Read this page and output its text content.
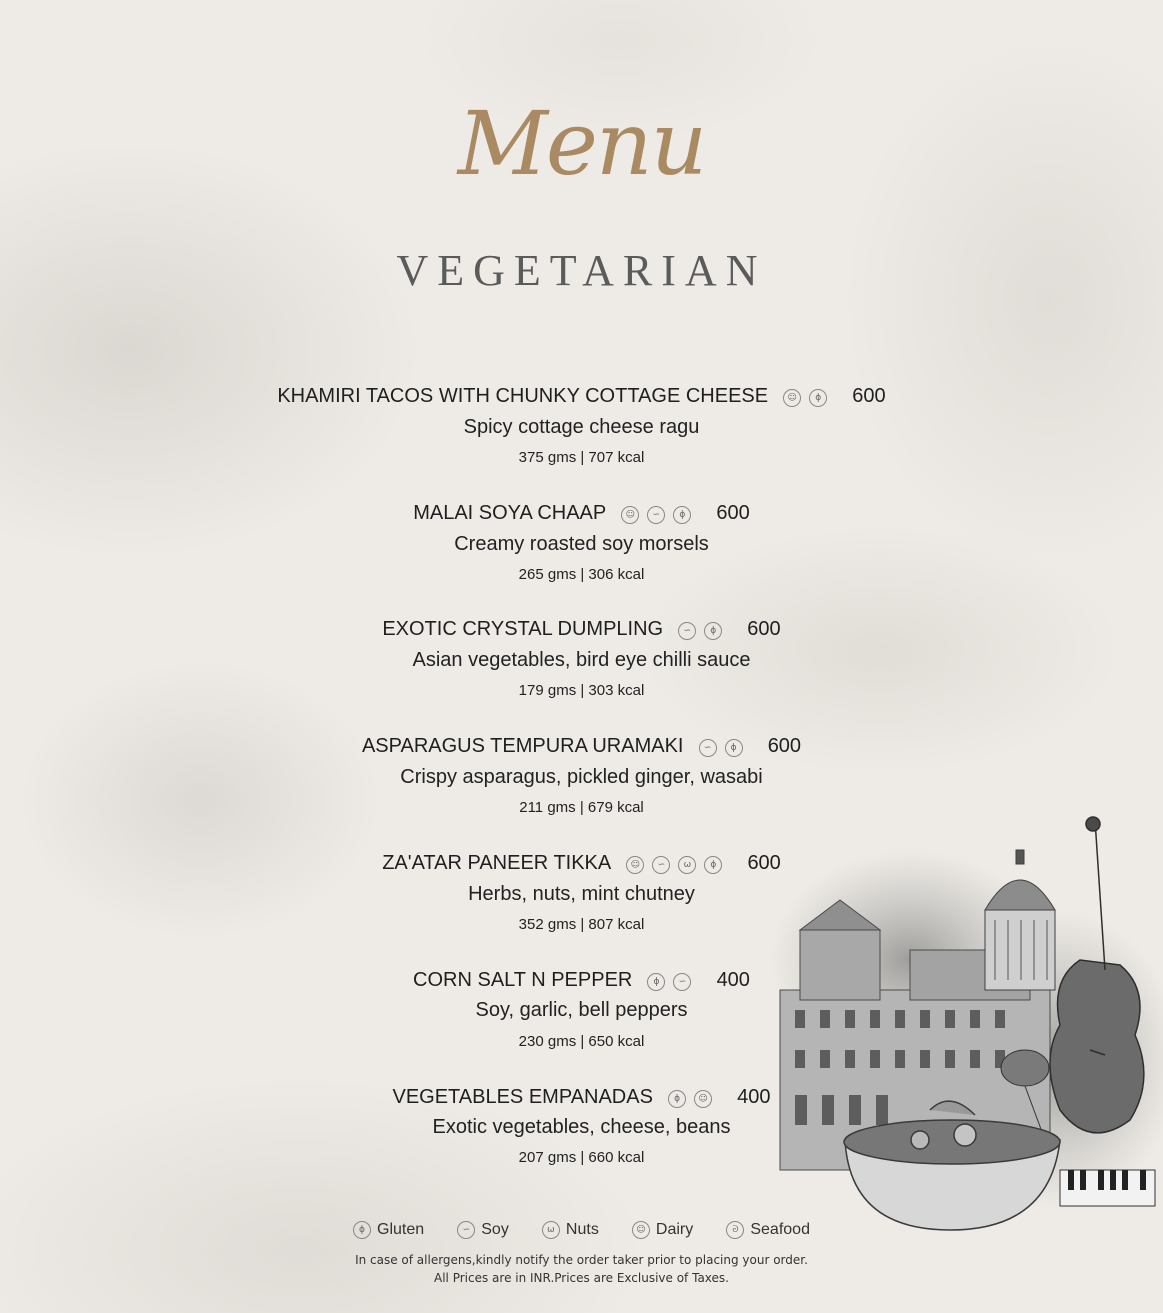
Menu
VEGETARIAN
KHAMIRI TACOS WITH CHUNKY COTTAGE CHEESE ☺ ɸ 600
Spicy cottage cheese ragu
375 gms | 707 kcal
MALAI SOYA CHAAP ☺ ∽ ɸ 600
Creamy roasted soy morsels
265 gms | 306 kcal
EXOTIC CRYSTAL DUMPLING ∽ ɸ 600
Asian vegetables, bird eye chilli sauce
179 gms | 303 kcal
ASPARAGUS TEMPURA URAMAKI ∽ ɸ 600
Crispy asparagus, pickled ginger, wasabi
211 gms | 679 kcal
ZA'ATAR PANEER TIKKA ☺ ∽ ω ɸ 600
Herbs, nuts, mint chutney
352 gms | 807 kcal
CORN SALT N PEPPER ɸ ∽ 400
Soy, garlic, bell peppers
230 gms | 650 kcal
VEGETABLES EMPANADAS ɸ ☺ 400
Exotic vegetables, cheese, beans
207 gms | 660 kcal
ɸ Gluten	∽ Soy	ω Nuts	☺ Dairy	ᘐ Seafood
In case of allergens,kindly notify the order taker prior to placing your order.
All Prices are in INR.Prices are Exclusive of Taxes.
